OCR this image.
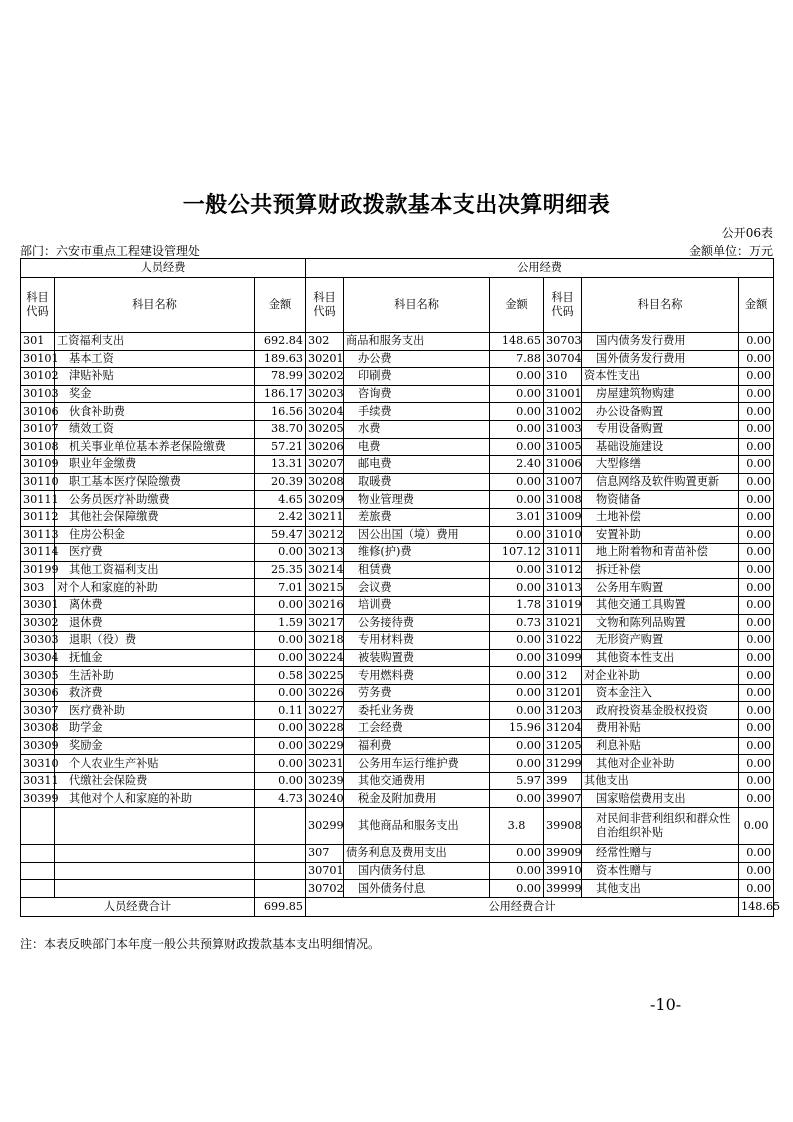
一般公共预算财政拨款基本支出决算明细表
公开06表
部门：六安市重点工程建设管理处	金额单位：万元
人员经费			公用经费					
科目代码	科目名称	金额	科目代码	科目名称	金额	科目代码	科目名称	金额
301	工资福利支出	692.84	302	商品和服务支出	148.65	30703	国内债务发行费用	0.00
30101	基本工资	189.63	30201	办公费	7.88	30704	国外债务发行费用	0.00
30102	津贴补贴	78.99	30202	印刷费	0.00	310	资本性支出	0.00
30103	奖金	186.17	30203	咨询费	0.00	31001	房屋建筑物购建	0.00
30106	伙食补助费	16.56	30204	手续费	0.00	31002	办公设备购置	0.00
30107	绩效工资	38.70	30205	水费	0.00	31003	专用设备购置	0.00
30108	机关事业单位基本养老保险缴费	57.21	30206	电费	0.00	31005	基础设施建设	0.00
30109	职业年金缴费	13.31	30207	邮电费	2.40	31006	大型修缮	0.00
30110	职工基本医疗保险缴费	20.39	30208	取暖费	0.00	31007	信息网络及软件购置更新	0.00
30111	公务员医疗补助缴费	4.65	30209	物业管理费	0.00	31008	物资储备	0.00
30112	其他社会保障缴费	2.42	30211	差旅费	3.01	31009	土地补偿	0.00
30113	住房公积金	59.47	30212	因公出国（境）费用	0.00	31010	安置补助	0.00
30114	医疗费	0.00	30213	维修(护)费	107.12	31011	地上附着物和青苗补偿	0.00
30199	其他工资福利支出	25.35	30214	租赁费	0.00	31012	拆迁补偿	0.00
303	对个人和家庭的补助	7.01	30215	会议费	0.00	31013	公务用车购置	0.00
30301	离休费	0.00	30216	培训费	1.78	31019	其他交通工具购置	0.00
30302	退休费	1.59	30217	公务接待费	0.73	31021	文物和陈列品购置	0.00
30303	退职（役）费	0.00	30218	专用材料费	0.00	31022	无形资产购置	0.00
30304	抚恤金	0.00	30224	被装购置费	0.00	31099	其他资本性支出	0.00
30305	生活补助	0.58	30225	专用燃料费	0.00	312	对企业补助	0.00
30306	救济费	0.00	30226	劳务费	0.00	31201	资本金注入	0.00
30307	医疗费补助	0.11	30227	委托业务费	0.00	31203	政府投资基金股权投资	0.00
30308	助学金	0.00	30228	工会经费	15.96	31204	费用补贴	0.00
30309	奖励金	0.00	30229	福利费	0.00	31205	利息补贴	0.00
30310	个人农业生产补贴	0.00	30231	公务用车运行维护费	0.00	31299	其他对企业补助	0.00
30311	代缴社会保险费	0.00	30239	其他交通费用	5.97	399	其他支出	0.00
30399	其他对个人和家庭的补助	4.73	30240	税金及附加费用	0.00	39907	国家赔偿费用支出	0.00
			30299	其他商品和服务支出	3.8	39908	对民间非营利组织和群众性自治组织补贴	0.00
			307	债务利息及费用支出	0.00	39909	经常性赠与	0.00
			30701	国内债务付息	0.00	39910	资本性赠与	0.00
			30702	国外债务付息	0.00	39999	其他支出	0.00
人员经费合计		699.85	公用经费合计					148.65
注：本表反映部门本年度一般公共预算财政拨款基本支出明细情况。
-10-
